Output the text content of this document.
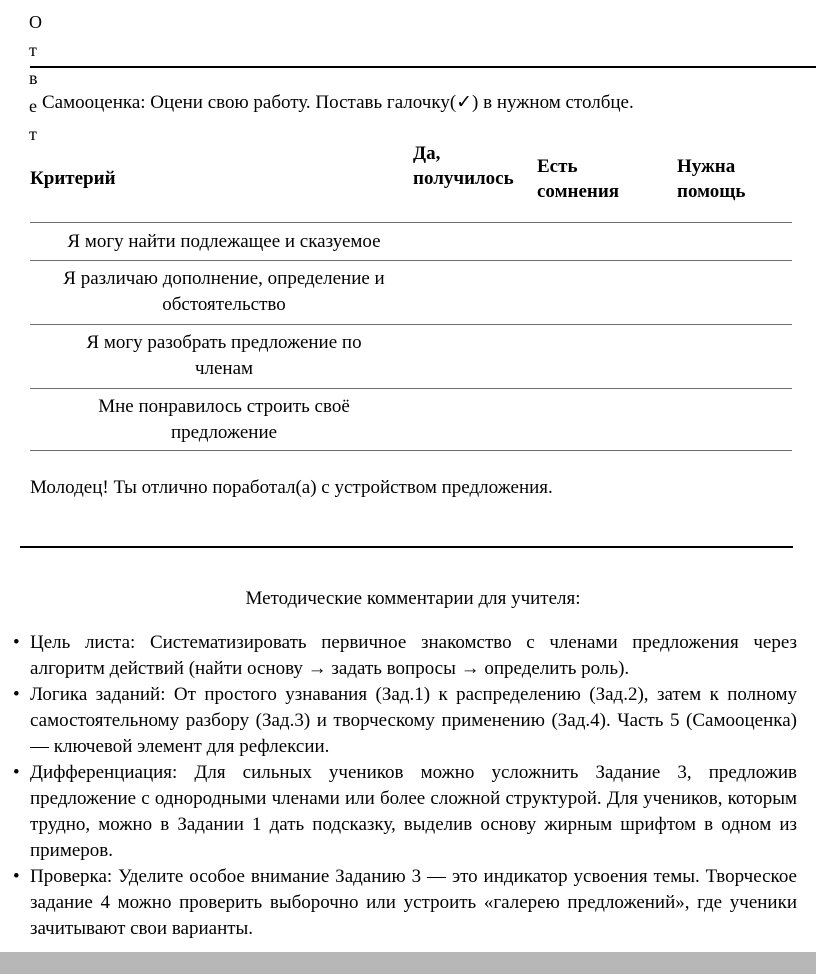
О
т
в
е
т
Самооценка: Оцени свою работу. Поставь галочку(✓) в нужном столбце.
Критерий
Да,
получилось
Есть
сомнения
Нужна
помощь
Я могу найти подлежащее и сказуемое
Я различаю дополнение, определение и
обстоятельство
Я могу разобрать предложение по
членам
Мне понравилось строить своё
предложение
Молодец! Ты отлично поработал(а) с устройством предложения.
Методические комментарии для учителя:
• Цель листа: Систематизировать первичное знакомство с членами предложения через алгоритм действий (найти основу → задать вопросы → определить роль).
• Логика заданий: От простого узнавания (Зад.1) к распределению (Зад.2), затем к полному самостоятельному разбору (Зад.3) и творческому применению (Зад.4). Часть 5 (Самооценка) — ключевой элемент для рефлексии.
• Дифференциация: Для сильных учеников можно усложнить Задание 3, предложив предложение с однородными членами или более сложной структурой. Для учеников, которым трудно, можно в Задании 1 дать подсказку, выделив основу жирным шрифтом в одном из примеров.
• Проверка: Уделите особое внимание Заданию 3 — это индикатор усвоения темы. Творческое задание 4 можно проверить выборочно или устроить «галерею предложений», где ученики зачитывают свои варианты.
